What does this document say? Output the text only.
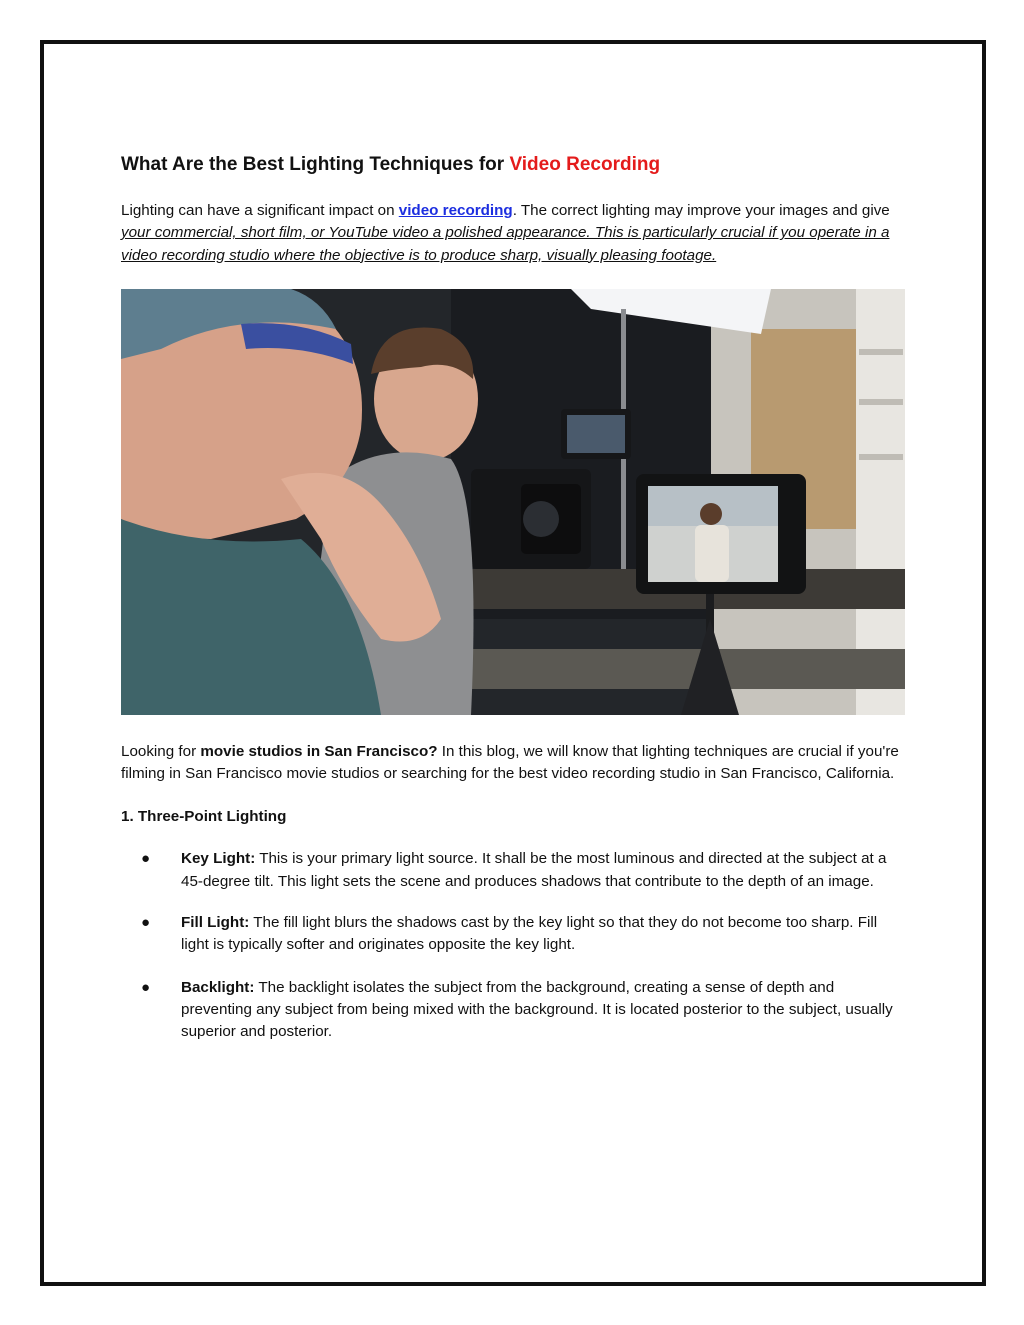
What Are the Best Lighting Techniques for Video Recording

Lighting can have a significant impact on video recording. The correct lighting may improve your images and give your commercial, short film, or YouTube video a polished appearance. This is particularly crucial if you operate in a video recording studio where the objective is to produce sharp, visually pleasing footage.

Looking for movie studios in San Francisco? In this blog, we will know that lighting techniques are crucial if you're filming in San Francisco movie studios or searching for the best video recording studio in San Francisco, California.

1. Three-Point Lighting
● Key Light: This is your primary light source. It shall be the most luminous and directed at the subject at a 45-degree tilt. This light sets the scene and produces shadows that contribute to the depth of an image.
● Fill Light: The fill light blurs the shadows cast by the key light so that they do not become too sharp. Fill light is typically softer and originates opposite the key light.
● Backlight: The backlight isolates the subject from the background, creating a sense of depth and preventing any subject from being mixed with the background. It is located posterior to the subject, usually superior and posterior.
